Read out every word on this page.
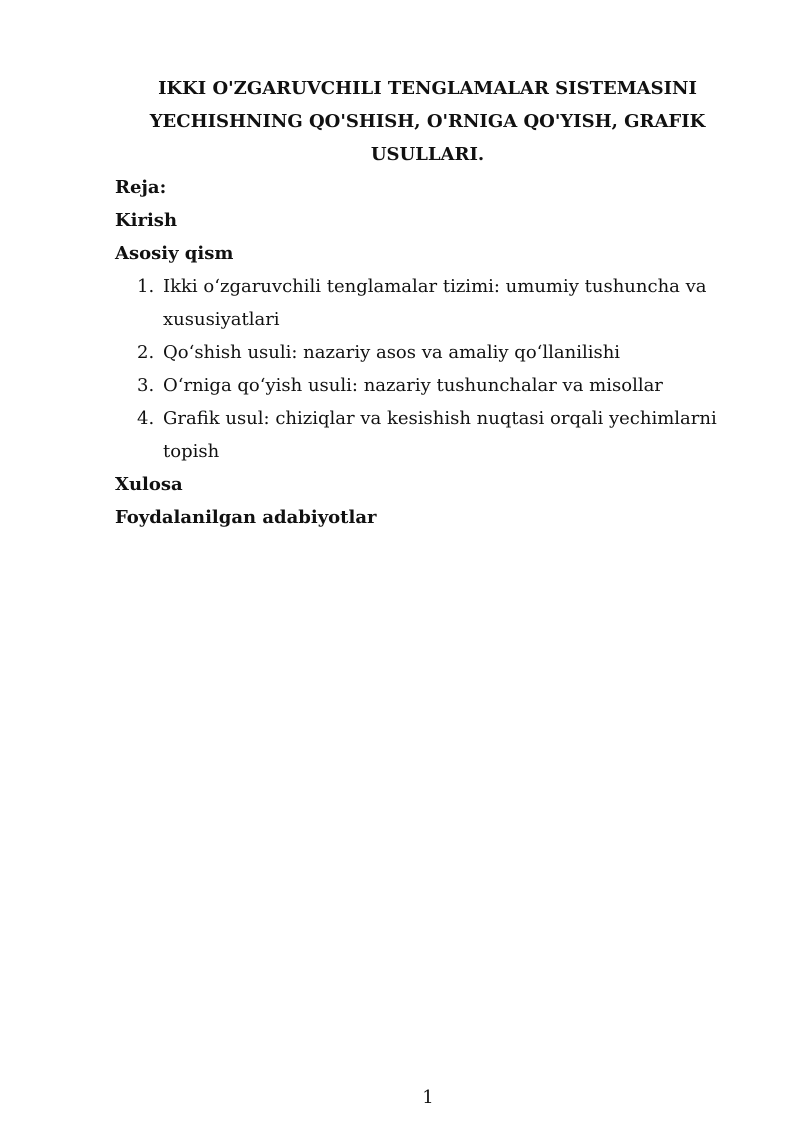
IKKI O'ZGARUVCHILI TENGLAMALAR SISTEMASINI
YECHISHNING QO'SHISH, O'RNIGA QO'YISH, GRAFIK
USULLARI.
Reja:
Kirish
Asosiy qism
1. Ikki oʻzgaruvchili tenglamalar tizimi: umumiy tushuncha va xususiyatlari
2. Qoʻshish usuli: nazariy asos va amaliy qoʻllanilishi
3. Oʻrniga qoʻyish usuli: nazariy tushunchalar va misollar
4. Grafik usul: chiziqlar va kesishish nuqtasi orqali yechimlarni topish
Xulosa
Foydalanilgan adabiyotlar
1
